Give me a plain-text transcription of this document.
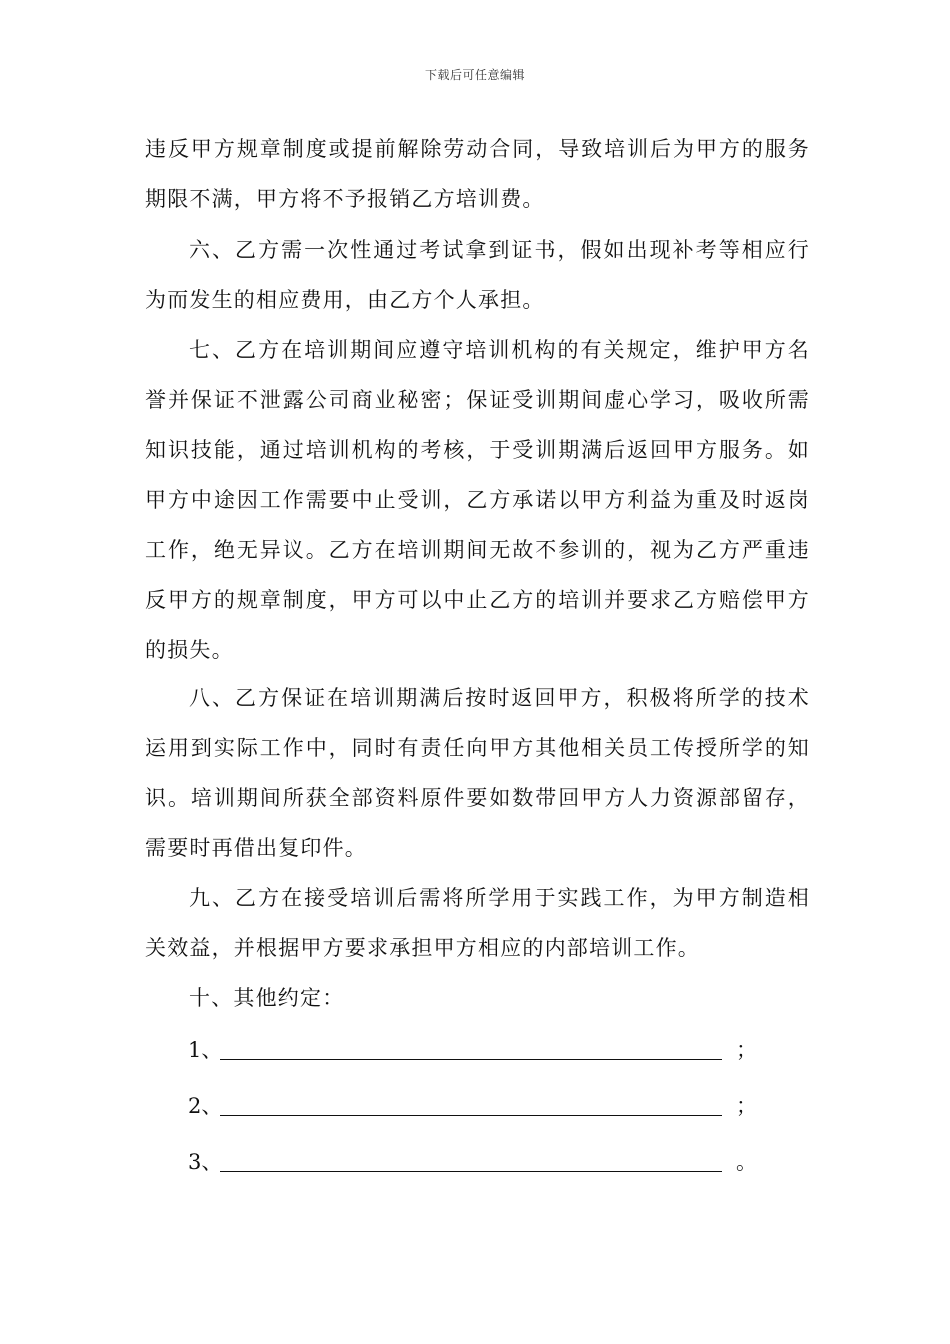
下载后可任意编辑

违反甲方规章制度或提前解除劳动合同，导致培训后为甲方的服务期限不满，甲方将不予报销乙方培训费。

六、乙方需一次性通过考试拿到证书，假如出现补考等相应行为而发生的相应费用，由乙方个人承担。

七、乙方在培训期间应遵守培训机构的有关规定，维护甲方名誉并保证不泄露公司商业秘密；保证受训期间虚心学习，吸收所需知识技能，通过培训机构的考核，于受训期满后返回甲方服务。如甲方中途因工作需要中止受训，乙方承诺以甲方利益为重及时返岗工作，绝无异议。乙方在培训期间无故不参训的，视为乙方严重违反甲方的规章制度，甲方可以中止乙方的培训并要求乙方赔偿甲方的损失。

八、乙方保证在培训期满后按时返回甲方，积极将所学的技术运用到实际工作中，同时有责任向甲方其他相关员工传授所学的知识。培训期间所获全部资料原件要如数带回甲方人力资源部留存，需要时再借出复印件。

九、乙方在接受培训后需将所学用于实践工作，为甲方制造相关效益，并根据甲方要求承担甲方相应的内部培训工作。

十、其他约定：

1、	；
2、	；
3、	。
